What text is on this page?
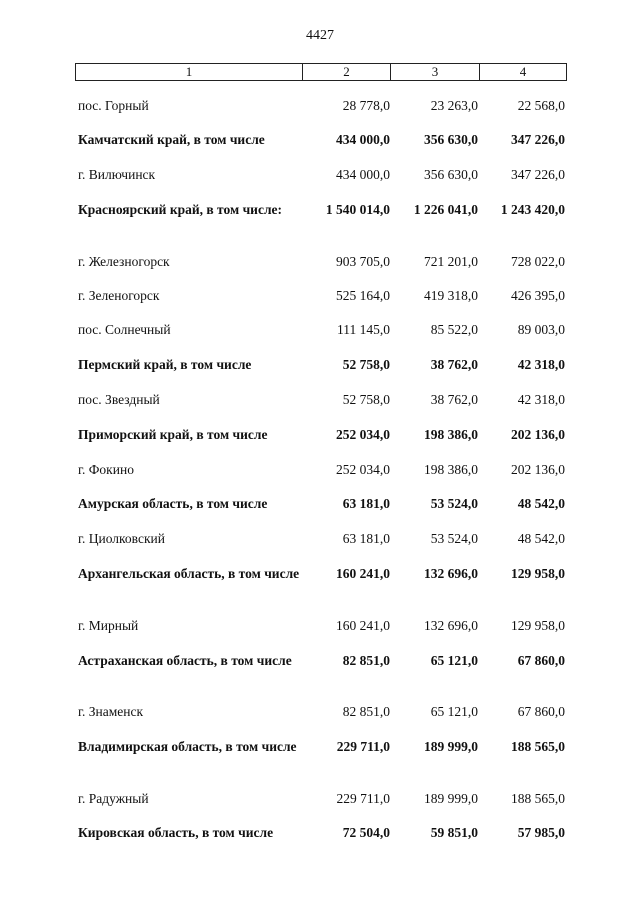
4427
1	2	3	4
пос. Горный	28 778,0	23 263,0	22 568,0
Камчатский край, в том числе	434 000,0	356 630,0	347 226,0
г. Вилючинск	434 000,0	356 630,0	347 226,0
Красноярский край, в том числе:	1 540 014,0	1 226 041,0	1 243 420,0
г. Железногорск	903 705,0	721 201,0	728 022,0
г. Зеленогорск	525 164,0	419 318,0	426 395,0
пос. Солнечный	111 145,0	85 522,0	89 003,0
Пермский край, в том числе	52 758,0	38 762,0	42 318,0
пос. Звездный	52 758,0	38 762,0	42 318,0
Приморский край, в том числе	252 034,0	198 386,0	202 136,0
г. Фокино	252 034,0	198 386,0	202 136,0
Амурская область, в том числе	63 181,0	53 524,0	48 542,0
г. Циолковский	63 181,0	53 524,0	48 542,0
Архангельская область, в том числе	160 241,0	132 696,0	129 958,0
г. Мирный	160 241,0	132 696,0	129 958,0
Астраханская область, в том числе	82 851,0	65 121,0	67 860,0
г. Знаменск	82 851,0	65 121,0	67 860,0
Владимирская область, в том числе	229 711,0	189 999,0	188 565,0
г. Радужный	229 711,0	189 999,0	188 565,0
Кировская область, в том числе	72 504,0	59 851,0	57 985,0
